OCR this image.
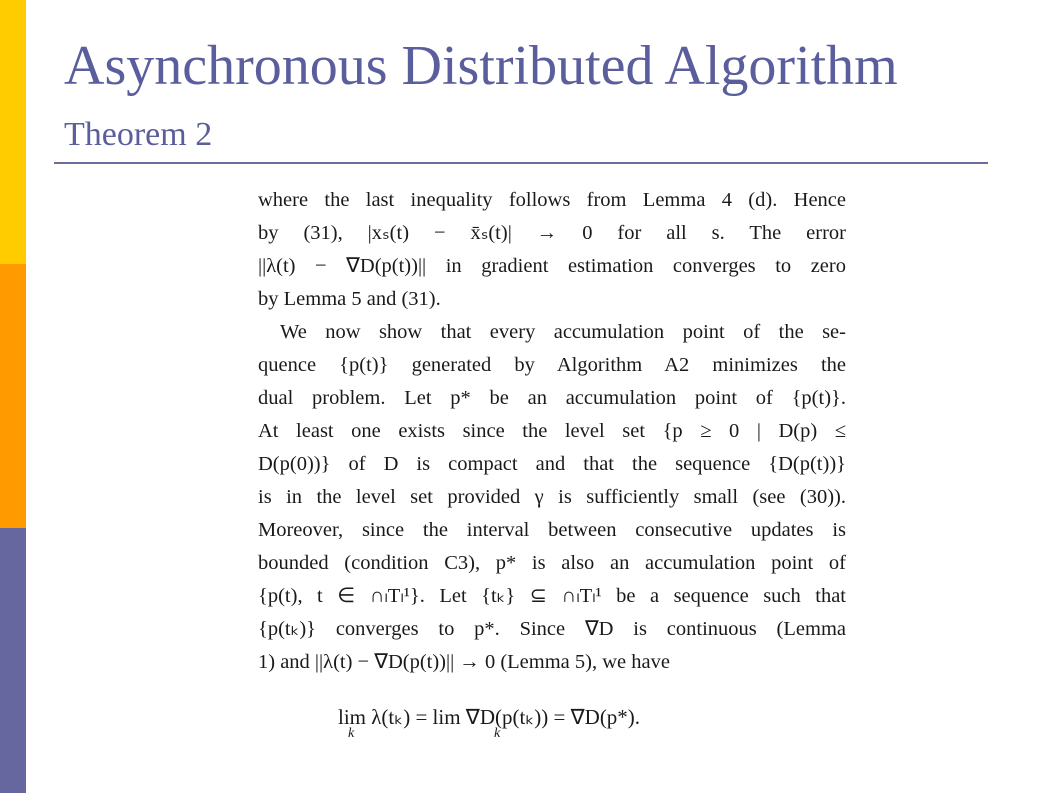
Asynchronous Distributed Algorithm
Theorem 2
where the last inequality follows from Lemma 4 (d). Hence
by (31), |xₛ(t) − x̄ₛ(t)| → 0 for all s. The error
||λ(t) − ∇D(p(t))|| in gradient estimation converges to zero
by Lemma 5 and (31).
We now show that every accumulation point of the se-
quence {p(t)} generated by Algorithm A2 minimizes the
dual problem. Let p* be an accumulation point of {p(t)}.
At least one exists since the level set {p ≥ 0 | D(p) ≤
D(p(0))} of D is compact and that the sequence {D(p(t))}
is in the level set provided γ is sufficiently small (see (30)).
Moreover, since the interval between consecutive updates is
bounded (condition C3), p* is also an accumulation point of
{p(t), t ∈ ∩ₗTₗ¹}. Let {tₖ} ⊆ ∩ₗTₗ¹ be a sequence such that
{p(tₖ)} converges to p*. Since ∇D is continuous (Lemma
1) and ||λ(t) − ∇D(p(t))|| → 0 (Lemma 5), we have
lim λ(tₖ) = lim ∇D(p(tₖ)) = ∇D(p*).
k	k
